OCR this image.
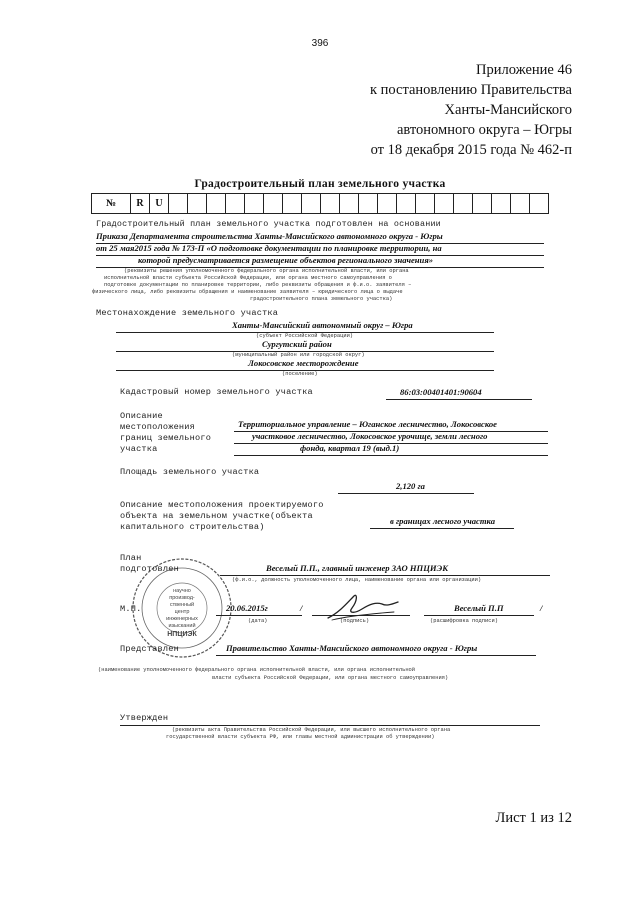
396
Приложение 46
к постановлению Правительства
Ханты-Мансийского
автономного округа – Югры
от 18 декабря 2015 года № 462-п
Градостроительный план земельного участка
№	R	U
Градостроительный план земельного участка подготовлен на основании
Приказа Департамента строительства Ханты-Мансийского автономного округа - Югры
от 25 мая2015 года № 173-П «О подготовке документации по планировке территории, на
которой предусматривается размещение объектов регионального значения»
(реквизиты решения уполномоченного федерального органа исполнительной власти, или органа
исполнительной власти субъекта Российской Федерации, или органа местного самоуправления о
подготовке документации по планировке территории, либо реквизиты обращения и ф.и.о. заявителя –
физического лица, либо реквизиты обращения и наименование заявителя – юридического лица о выдаче
градостроительного плана земельного участка)
Местонахождение земельного участка
Ханты-Мансийский автономный округ – Югра
(субъект Российской Федерации)
Сургутский район
(муниципальный район или городской округ)
Локосовское месторождение
(поселение)
Кадастровый номер земельного участка	86:03:00401401:90604
Описание
местоположения
границ земельного
участка
Территориальное управление – Юганское лесничество, Локосовское
участковое лесничество, Локосовское урочище, земли лесного
фонда, квартал 19 (выд.1)
Площадь земельного участка
2,120 га
Описание местоположения проектируемого
объекта на земельном участке(объекта
капитального строительства)
в границах лесного участка
научно
производ-
ственный
центр
инженерных
изысканий
НПЦИЭК
План
подготовлен	Веселый П.П., главный инженер ЗАО НПЦИЭК
(ф.и.о., должность уполномоченного лица, наименование органа или организации)
М.П.	20.06.2015г	/	Веселый П.П	/
(дата)	(подпись)	(расшифровка подписи)
Представлен	Правительство Ханты-Мансийского автономного округа - Югры
(наименование уполномоченного федерального органа исполнительной власти, или органа исполнительной
власти субъекта Российской Федерации, или органа местного самоуправления)
Утвержден
(реквизиты акта Правительства Российской Федерации, или высшего исполнительного органа
государственной власти субъекта РФ, или главы местной администрации об утверждении)
Лист 1 из 12
